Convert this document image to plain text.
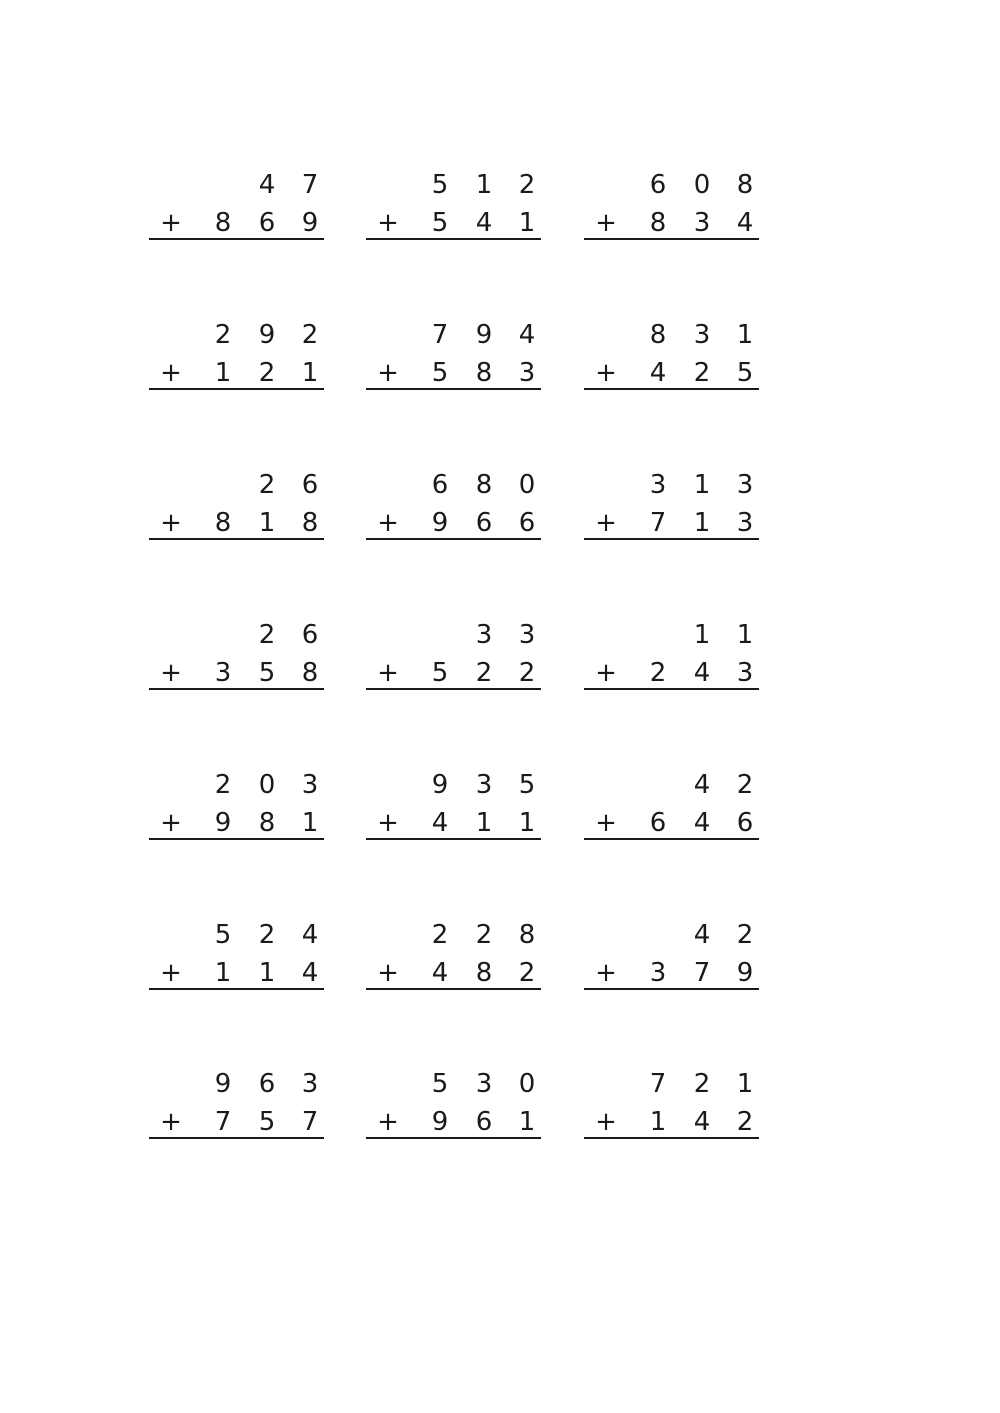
4 7
+ 8 6 9
5 1 2
+ 5 4 1
6 0 8
+ 8 3 4
2 9 2
+ 1 2 1
7 9 4
+ 5 8 3
8 3 1
+ 4 2 5
2 6
+ 8 1 8
6 8 0
+ 9 6 6
3 1 3
+ 7 1 3
2 6
+ 3 5 8
3 3
+ 5 2 2
1 1
+ 2 4 3
2 0 3
+ 9 8 1
9 3 5
+ 4 1 1
4 2
+ 6 4 6
5 2 4
+ 1 1 4
2 2 8
+ 4 8 2
4 2
+ 3 7 9
9 6 3
+ 7 5 7
5 3 0
+ 9 6 1
7 2 1
+ 1 4 2
